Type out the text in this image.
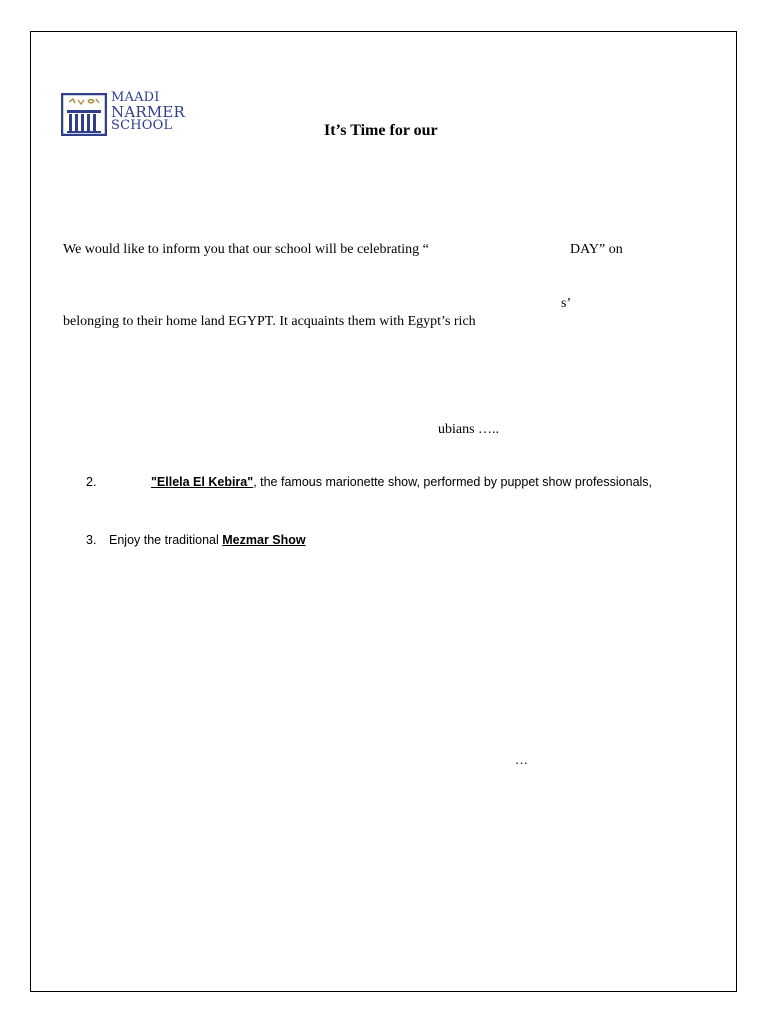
MAADI
NARMER
SCHOOL	It’s Time for our
We would like to inform you that our school will be celebrating “	DAY” on
s’
belonging to their home land EGYPT. It acquaints them with Egypt’s rich
ubians …..
2.	"Ellela El Kebira", the famous marionette show, performed by puppet show professionals,
3. Enjoy the traditional Mezmar Show
…
